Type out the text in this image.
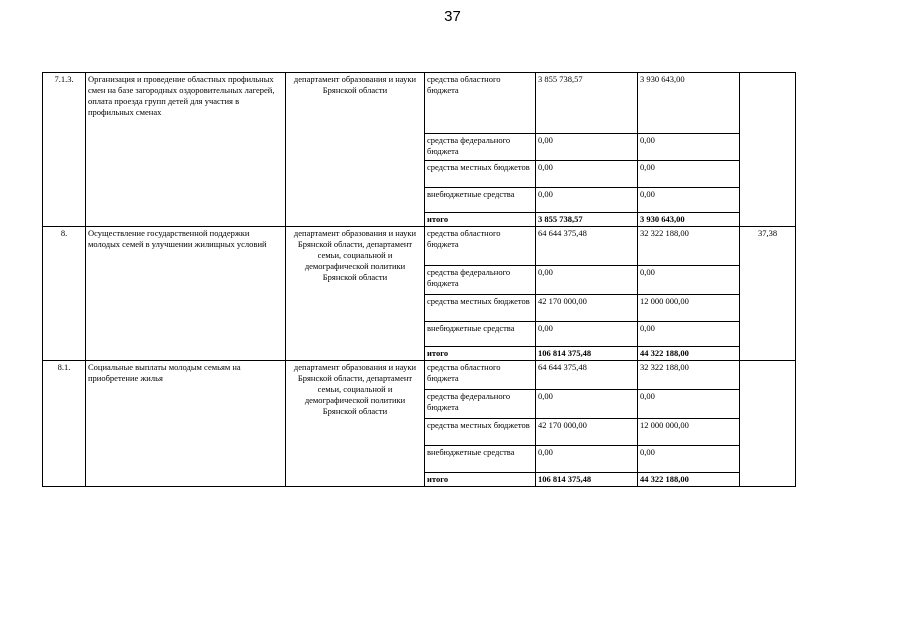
37
7.1.3.	Организация и проведение областных профильных смен на базе загородных оздоровительных лагерей, оплата проезда групп детей для участия в профильных сменах	департамент образования и науки Брянской области	средства областного бюджета	3 855 738,57	3 930 643,00	
			средства федерального бюджета	0,00	0,00	
			средства местных бюджетов	0,00	0,00	
			внебюджетные средства	0,00	0,00	
			итого	3 855 738,57	3 930 643,00	
8.	Осуществление государственной поддержки молодых семей в улучшении жилищных условий	департамент образования и науки Брянской области, департамент семьи, социальной и демографической политики Брянской области	средства областного бюджета	64 644 375,48	32 322 188,00	37,38
			средства федерального бюджета	0,00	0,00	
			средства местных бюджетов	42 170 000,00	12 000 000,00	
			внебюджетные средства	0,00	0,00	
			итого	106 814 375,48	44 322 188,00	
8.1.	Социальные выплаты молодым семьям на приобретение жилья	департамент образования и науки Брянской области, департамент семьи, социальной и демографической политики Брянской области	средства областного бюджета	64 644 375,48	32 322 188,00	
			средства федерального бюджета	0,00	0,00	
			средства местных бюджетов	42 170 000,00	12 000 000,00	
			внебюджетные средства	0,00	0,00	
			итого	106 814 375,48	44 322 188,00	
